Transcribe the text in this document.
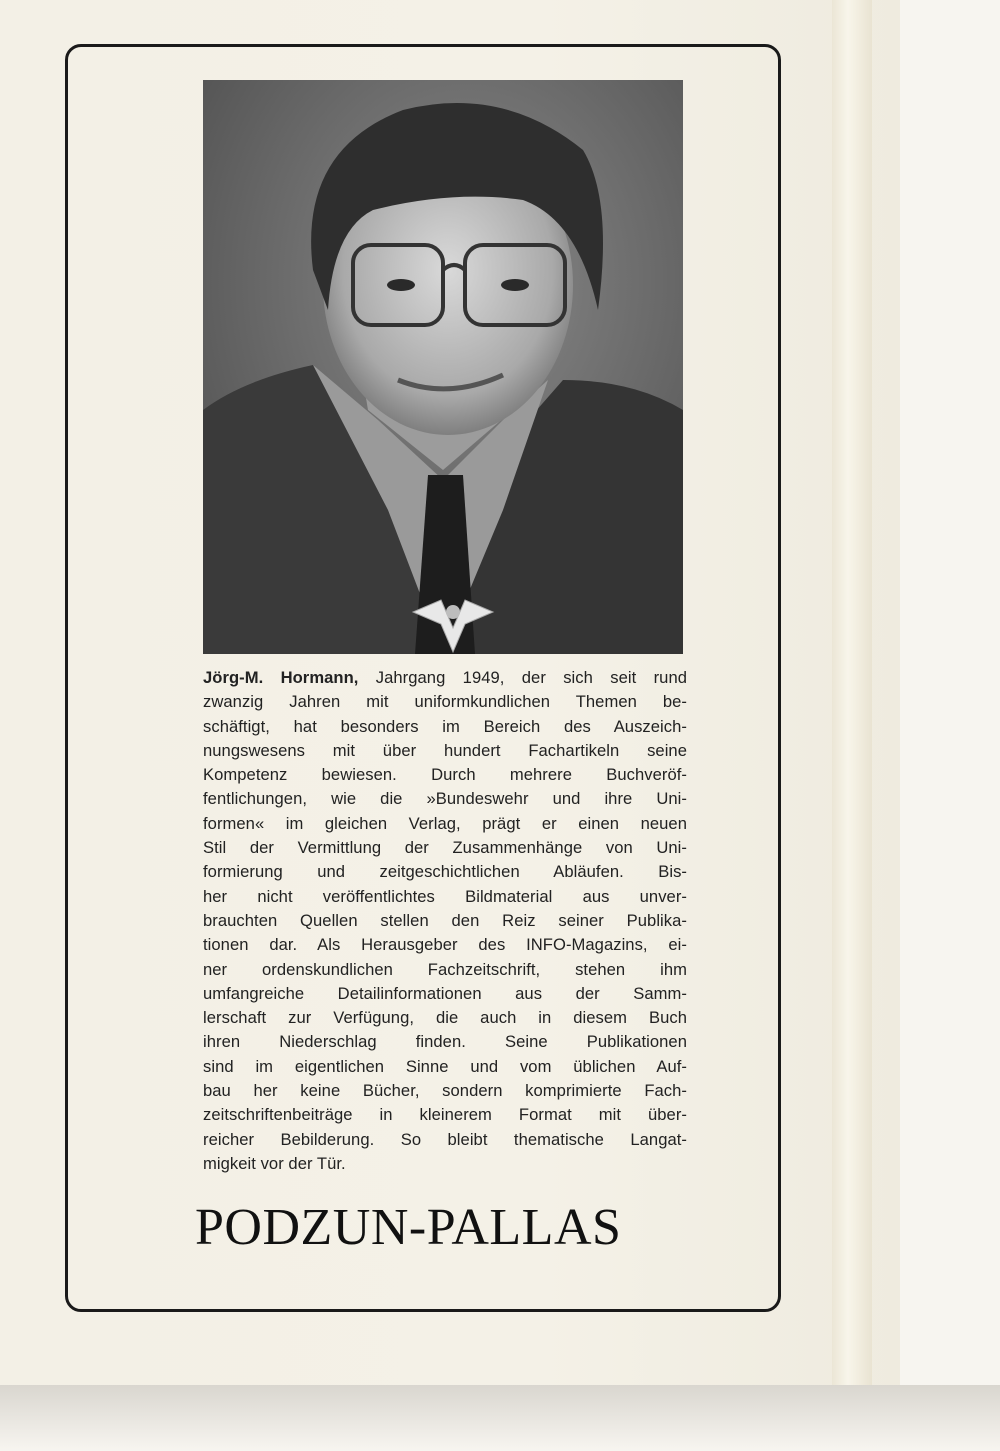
Jörg-M. Hormann, Jahrgang 1949, der sich seit rund
zwanzig Jahren mit uniformkundlichen Themen be-
schäftigt, hat besonders im Bereich des Auszeich-
nungswesens mit über hundert Fachartikeln seine
Kompetenz bewiesen. Durch mehrere Buchveröf-
fentlichungen, wie die »Bundeswehr und ihre Uni-
formen« im gleichen Verlag, prägt er einen neuen
Stil der Vermittlung der Zusammenhänge von Uni-
formierung und zeitgeschichtlichen Abläufen. Bis-
her nicht veröffentlichtes Bildmaterial aus unver-
brauchten Quellen stellen den Reiz seiner Publika-
tionen dar. Als Herausgeber des INFO-Magazins, ei-
ner ordenskundlichen Fachzeitschrift, stehen ihm
umfangreiche Detailinformationen aus der Samm-
lerschaft zur Verfügung, die auch in diesem Buch
ihren Niederschlag finden. Seine Publikationen
sind im eigentlichen Sinne und vom üblichen Auf-
bau her keine Bücher, sondern komprimierte Fach-
zeitschriftenbeiträge in kleinerem Format mit über-
reicher Bebilderung. So bleibt thematische Langat-
migkeit vor der Tür.
PODZUN-PALLAS
